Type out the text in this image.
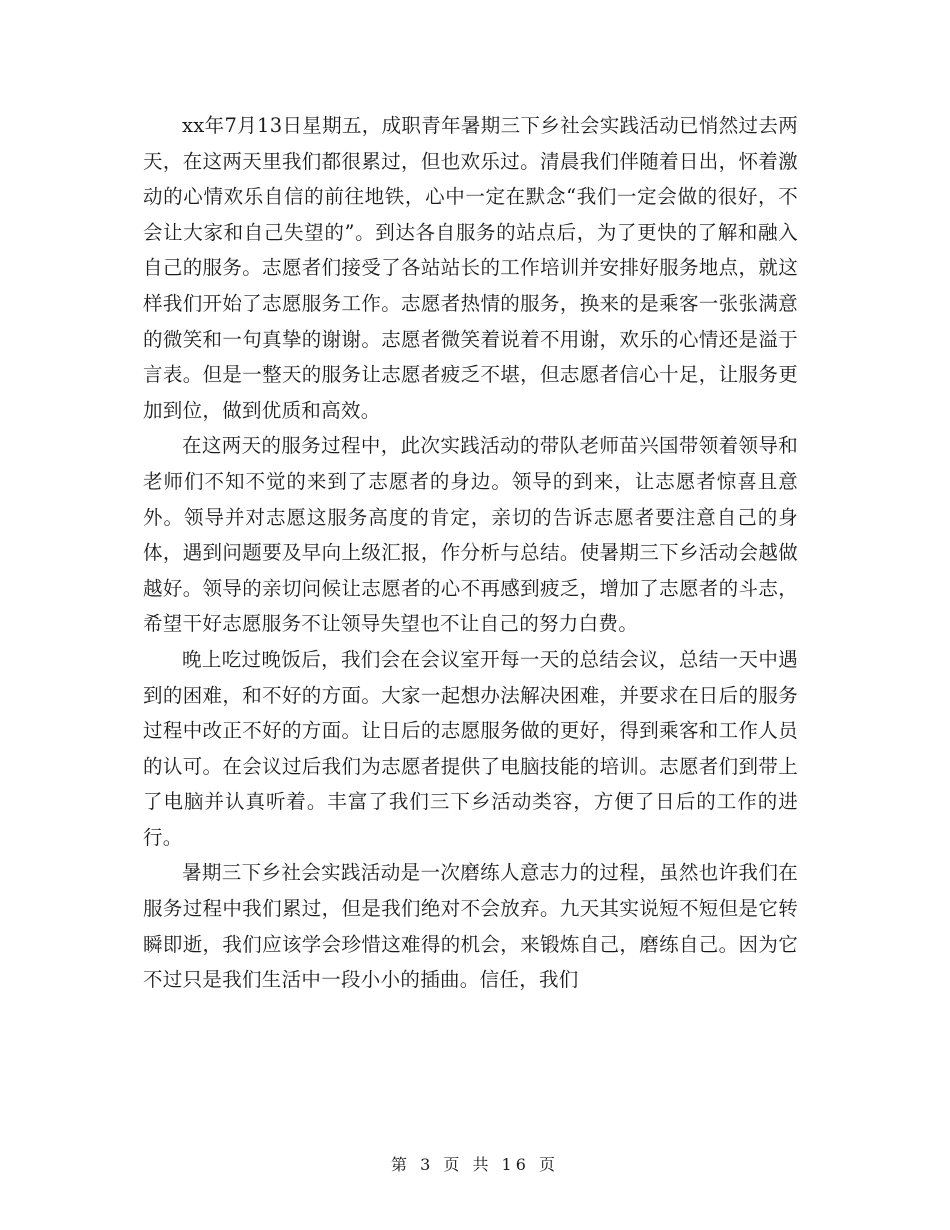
xx年7月13日星期五，成职青年暑期三下乡社会实践活动已悄然过去两天，在这两天里我们都很累过，但也欢乐过。清晨我们伴随着日出，怀着激动的心情欢乐自信的前往地铁，心中一定在默念“我们一定会做的很好，不会让大家和自己失望的”。到达各自服务的站点后，为了更快的了解和融入自己的服务。志愿者们接受了各站站长的工作培训并安排好服务地点，就这样我们开始了志愿服务工作。志愿者热情的服务，换来的是乘客一张张满意的微笑和一句真挚的谢谢。志愿者微笑着说着不用谢，欢乐的心情还是溢于言表。但是一整天的服务让志愿者疲乏不堪，但志愿者信心十足，让服务更加到位，做到优质和高效。

在这两天的服务过程中，此次实践活动的带队老师苗兴国带领着领导和老师们不知不觉的来到了志愿者的身边。领导的到来，让志愿者惊喜且意外。领导并对志愿这服务高度的肯定，亲切的告诉志愿者要注意自己的身体，遇到问题要及早向上级汇报，作分析与总结。使暑期三下乡活动会越做越好。领导的亲切问候让志愿者的心不再感到疲乏，增加了志愿者的斗志，希望干好志愿服务不让领导失望也不让自己的努力白费。

晚上吃过晚饭后，我们会在会议室开每一天的总结会议，总结一天中遇到的困难，和不好的方面。大家一起想办法解决困难，并要求在日后的服务过程中改正不好的方面。让日后的志愿服务做的更好，得到乘客和工作人员的认可。在会议过后我们为志愿者提供了电脑技能的培训。志愿者们到带上了电脑并认真听着。丰富了我们三下乡活动类容，方便了日后的工作的进行。

暑期三下乡社会实践活动是一次磨练人意志力的过程，虽然也许我们在服务过程中我们累过，但是我们绝对不会放弃。九天其实说短不短但是它转瞬即逝，我们应该学会珍惜这难得的机会，来锻炼自己，磨练自己。因为它不过只是我们生活中一段小小的插曲。信任，我们

第 3 页 共 16 页
